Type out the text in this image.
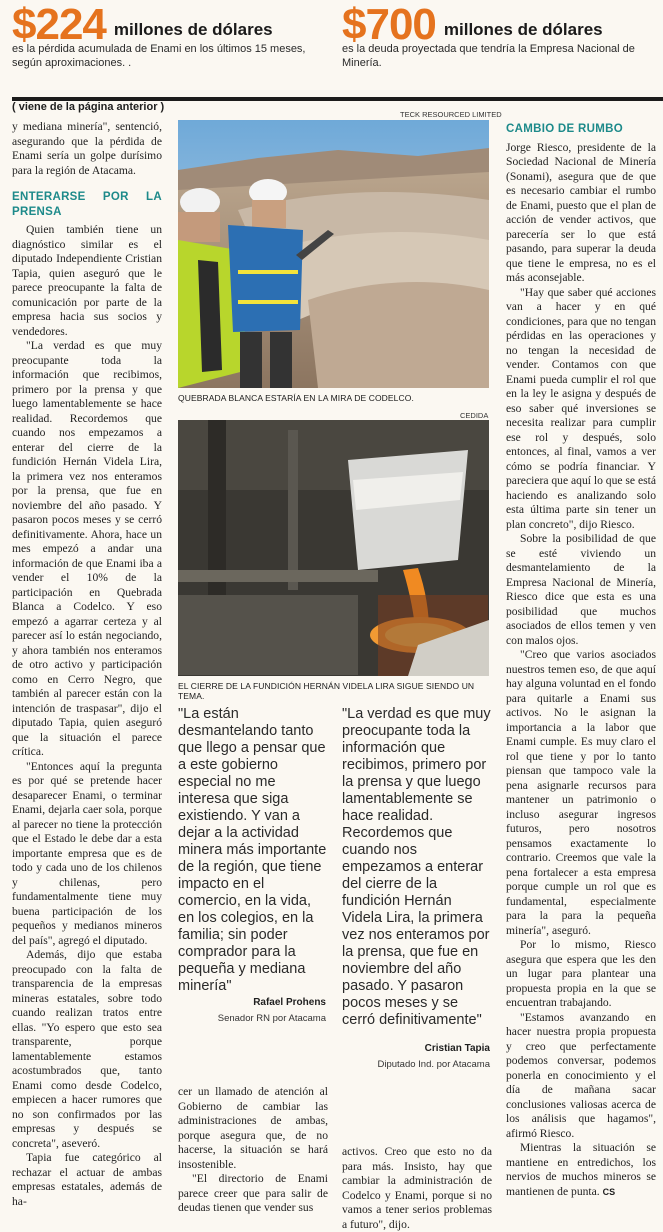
$224 millones de dólares
es la pérdida acumulada de Enami en los últimos 15 meses, según aproximaciones. .
$700 millones de dólares
es la deuda proyectada que tendría la Empresa Nacional de Minería.
( viene de la página anterior )
TECK RESOURCED LIMITED

y mediana minería", sentenció, asegurando que la pérdida de Enami sería un golpe durísimo para la región de Atacama.

ENTERARSE POR LA PRENSA

Quien también tiene un diagnóstico similar es el diputado Independiente Cristian Tapia, quien aseguró que le parece preocupante la falta de comunicación por parte de la empresa hacia sus socios y vendedores.

"La verdad es que muy preocupante toda la información que recibimos, primero por la prensa y que luego lamentablemente se hace realidad. Recordemos que cuando nos empezamos a enterar del cierre de la fundición Hernán Videla Lira, la primera vez nos enteramos por la prensa, que fue en noviembre del año pasado. Y pasaron pocos meses y se cerró definitivamente. Ahora, hace un mes empezó a andar una información de que Enami iba a vender el 10% de la participación en Quebrada Blanca a Codelco. Y eso empezó a agarrar certeza y al parecer así lo están negociando, y ahora también nos enteramos de otro activo y participación como en Cerro Negro, que también al parecer están con la intención de traspasar", dijo el diputado Tapia, quien aseguró que la situación el parece crítica.

"Entonces aquí la pregunta es por qué se pretende hacer desaparecer Enami, o terminar Enami, dejarla caer sola, porque al parecer no tiene la protección que el Estado le debe dar a esta importante empresa que es de todo y cada uno de los chilenos y chilenas, pero fundamentalmente tiene muy buena participación de los pequeños y medianos mineros del país", agregó el diputado.

Además, dijo que estaba preocupado con la falta de transparencia de la empresas mineras estatales, sobre todo cuando realizan tratos entre ellas. "Yo espero que esto sea transparente, porque lamentablemente estamos acostumbrados que, tanto Enami como desde Codelco, empiecen a hacer rumores que no son confirmados por las empresas y después se concreta", aseveró.

Tapia fue categórico al rechazar el actuar de ambas empresas estatales, además de ha-

QUEBRADA BLANCA ESTARÍA EN LA MIRA DE CODELCO.
CEDIDA
EL CIERRE DE LA FUNDICIÓN HERNÁN VIDELA LIRA SIGUE SIENDO UN TEMA.
"La están desmantelando tanto que llego a pensar que a este gobierno especial no me interesa que siga existiendo. Y van a dejar a la actividad minera más importante de la región, que tiene impacto en el comercio, en la vida, en los colegios, en la familia; sin poder comprador para la pequeña y mediana minería"
Rafael Prohens
Senador RN por Atacama
"La verdad es que muy preocupante toda la información que recibimos, primero por la prensa y que luego lamentablemente se hace realidad. Recordemos que cuando nos empezamos a enterar del cierre de la fundición Hernán Videla Lira, la primera vez nos enteramos por la prensa, que fue en noviembre del año pasado. Y pasaron pocos meses y se cerró definitivamente"
Cristian Tapia
Diputado Ind. por Atacama

cer un llamado de atención al Gobierno de cambiar las administraciones de ambas, porque asegura que, de no hacerse, la situación se hará insostenible.

"El directorio de Enami parece creer que para salir de deudas tienen que vender sus

activos. Creo que esto no da para más. Insisto, hay que cambiar la administración de Codelco y Enami, porque si no vamos a tener serios problemas a futuro", dijo.

CAMBIO DE RUMBO

Jorge Riesco, presidente de la Sociedad Nacional de Minería (Sonami), asegura que de que es necesario cambiar el rumbo de Enami, puesto que el plan de acción de vender activos, que parecería ser lo que está pasando, para superar la deuda que tiene le empresa, no es el más aconsejable.

"Hay que saber qué acciones van a hacer y en qué condiciones, para que no tengan pérdidas en las operaciones y no tengan la necesidad de vender. Contamos con que Enami pueda cumplir el rol que en la ley le asigna y después de eso saber qué inversiones se necesita realizar para cumplir ese rol y después, solo entonces, al final, vamos a ver cómo se podría financiar. Y pareciera que aquí lo que se está haciendo es analizando solo esta última parte sin tener un plan concreto", dijo Riesco.

Sobre la posibilidad de que se esté viviendo un desmantelamiento de la Empresa Nacional de Minería, Riesco dice que esta es una posibilidad que muchos asociados de ellos temen y ven con malos ojos.

"Creo que varios asociados nuestros temen eso, de que aquí hay alguna voluntad en el fondo para quitarle a Enami sus activos. No le asignan la importancia a la labor que Enami cumple. Es muy claro el rol que tiene y por lo tanto piensan que tampoco vale la pena asignarle recursos para mantener un patrimonio o incluso asegurar ingresos futuros, pero nosotros pensamos exactamente lo contrario. Creemos que vale la pena fortalecer a esta empresa porque cumple un rol que es fundamental, especialmente para la para la pequeña minería", aseguró.

Por lo mismo, Riesco asegura que espera que les den un lugar para plantear una propuesta propia en la que se encuentran trabajando.

"Estamos avanzando en hacer nuestra propia propuesta y creo que perfectamente podemos conversar, podemos ponerla en conocimiento y el día de mañana sacar conclusiones valiosas acerca de los análisis que hagamos", afirmó Riesco.

Mientras la situación se mantiene en entredichos, los nervios de muchos mineros se mantienen de punta. CS
